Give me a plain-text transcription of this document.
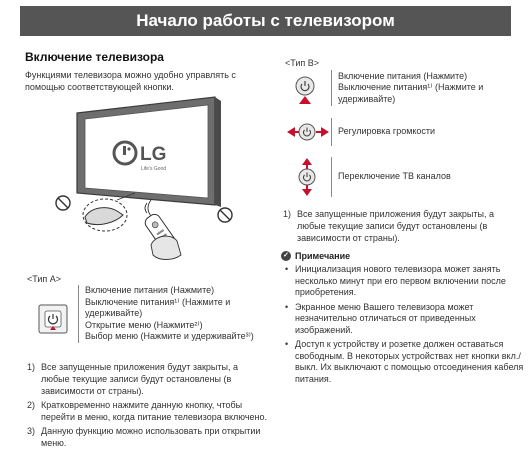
Начало работы с телевизором
Включение телевизора
Функциями телевизора можно удобно управлять с помощью соответствующей кнопки.
LG
Life's Good
<Тип A>
Включение питания (Нажмите)
Выключение питания¹⁾ (Нажмите и удерживайте)
Открытие меню (Нажмите²⁾)
Выбор меню (Нажмите и удерживайте³⁾)
1) Все запущенные приложения будут закрыты, а любые текущие записи будут остановлены (в зависимости от страны).
2) Кратковременно нажмите данную кнопку, чтобы перейти в меню, когда питание телевизора включено.
3) Данную функцию можно использовать при открытии меню.
<Тип B>
Включение питания (Нажмите)
Выключение питания¹⁾ (Нажмите и удерживайте)
Регулировка громкости
Переключение ТВ каналов
1) Все запущенные приложения будут закрыты, а любые текущие записи будут остановлены (в зависимости от страны).
✓ Примечание
• Инициализация нового телевизора может занять несколько минут при его первом включении после приобретения.
• Экранное меню Вашего телевизора может незначительно отличаться от приведенных изображений.
• Доступ к устройству и розетке должен оставаться свободным. В некоторых устройствах нет кнопки вкл./выкл. Их выключают с помощью отсоединения кабеля питания.
